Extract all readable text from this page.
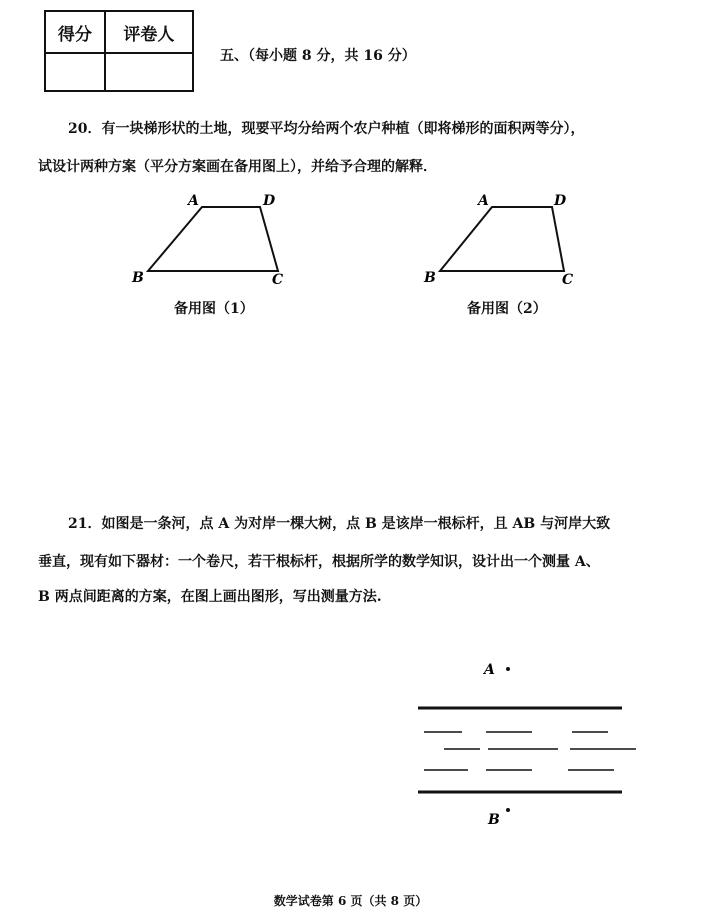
得分	评卷人

五、（每小题 8 分，共 16 分）
20．有一块梯形状的土地，现要平均分给两个农户种植（即将梯形的面积两等分），
试设计两种方案（平分方案画在备用图上），并给予合理的解释．
A	D
B	C
备用图（1）
A	D
B	C
备用图（2）
21．如图是一条河，点 A 为对岸一棵大树，点 B 是该岸一根标杆，且 AB 与河岸大致
垂直，现有如下器材：一个卷尺，若干根标杆，根据所学的数学知识，设计出一个测量 A、
B 两点间距离的方案，在图上画出图形，写出测量方法.
A
B
数学试卷第 6 页（共 8 页）
